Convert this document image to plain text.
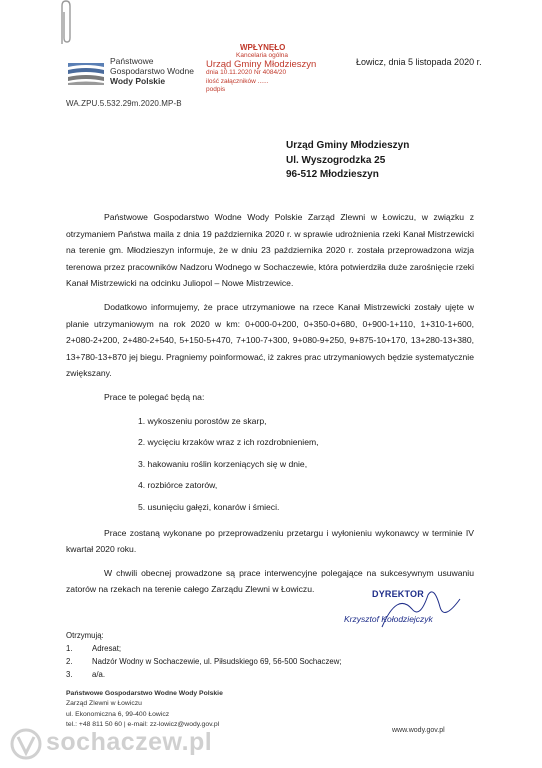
Państwowe
Gospodarstwo Wodne
Wody Polskie
WA.ZPU.5.532.29m.2020.MP-B
WPŁYNĘŁO
Kancelaria ogólna
Urząd Gminy Młodzieszyn
dnia 10.11.2020 Nr 4084/20
ilość załączników ......
podpis
Łowicz, dnia 5 listopada 2020 r.
Urząd Gminy Młodzieszyn
Ul. Wyszogrodzka 25
96-512 Młodzieszyn

Państwowe Gospodarstwo Wodne Wody Polskie Zarząd Zlewni w Łowiczu, w związku z otrzymaniem Państwa maila z dnia 19 października 2020 r. w sprawie udrożnienia rzeki Kanał Mistrzewicki na terenie gm. Młodzieszyn informuje, że w dniu 23 października 2020 r. została przeprowadzona wizja terenowa przez pracowników Nadzoru Wodnego w Sochaczewie, która potwierdziła duże zarośnięcie rzeki Kanał Mistrzewicki na odcinku Juliopol – Nowe Mistrzewice.

Dodatkowo informujemy, że prace utrzymaniowe na rzece Kanał Mistrzewicki zostały ujęte w planie utrzymaniowym na rok 2020 w km: 0+000-0+200, 0+350-0+680, 0+900-1+110, 1+310-1+600, 2+080-2+200, 2+480-2+540, 5+150-5+470, 7+100-7+300, 9+080-9+250, 9+875-10+170, 13+280-13+380, 13+780-13+870 jej biegu. Pragniemy poinformować, iż zakres prac utrzymaniowych będzie systematycznie zwiększany.

Prace te polegać będą na:

1. wykoszeniu porostów ze skarp,
2. wycięciu krzaków wraz z ich rozdrobnieniem,
3. hakowaniu roślin korzeniących się w dnie,
4. rozbiórce zatorów,
5. usunięciu gałęzi, konarów i śmieci.

Prace zostaną wykonane po przeprowadzeniu przetargu i wyłonieniu wykonawcy w terminie IV kwartał 2020 roku.

W chwili obecnej prowadzone są prace interwencyjne polegające na sukcesywnym usuwaniu zatorów na rzekach na terenie całego Zarządu Zlewni w Łowiczu.	DYREKTOR
Krzysztof Kołodziejczyk
Otrzymują:
1.	Adresat;
2.	Nadzór Wodny w Sochaczewie, ul. Piłsudskiego 69, 56-500 Sochaczew;
3.	a/a.
Państwowe Gospodarstwo Wodne Wody Polskie
Zarząd Zlewni w Łowiczu
ul. Ekonomiczna 6, 99-400 Łowicz
tel.: +48 811 50 60 | e-mail: zz-lowicz@wody.gov.pl
www.wody.gov.pl
sochaczew.pl
